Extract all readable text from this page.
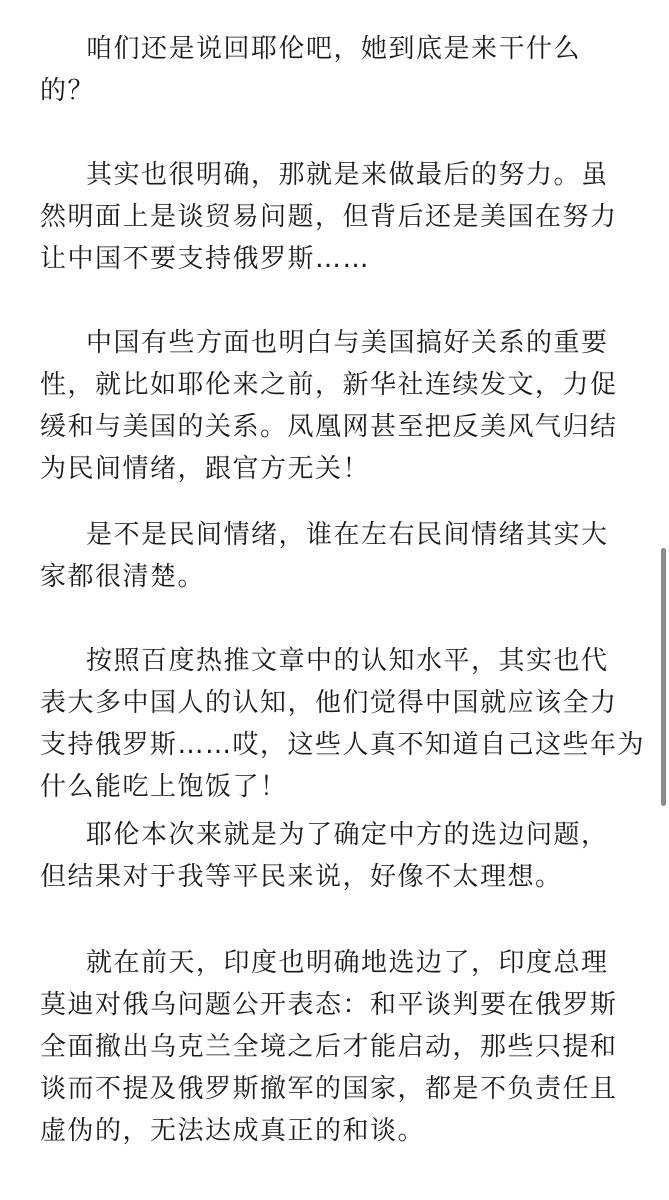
咱们还是说回耶伦吧，她到底是来干什么
的？

其实也很明确，那就是来做最后的努力。虽
然明面上是谈贸易问题，但背后还是美国在努力
让中国不要支持俄罗斯……

中国有些方面也明白与美国搞好关系的重要
性，就比如耶伦来之前，新华社连续发文，力促
缓和与美国的关系。凤凰网甚至把反美风气归结
为民间情绪，跟官方无关！

是不是民间情绪，谁在左右民间情绪其实大
家都很清楚。

按照百度热推文章中的认知水平，其实也代
表大多中国人的认知，他们觉得中国就应该全力
支持俄罗斯……哎，这些人真不知道自己这些年为
什么能吃上饱饭了！

耶伦本次来就是为了确定中方的选边问题，
但结果对于我等平民来说，好像不太理想。

就在前天，印度也明确地选边了，印度总理
莫迪对俄乌问题公开表态：和平谈判要在俄罗斯
全面撤出乌克兰全境之后才能启动，那些只提和
谈而不提及俄罗斯撤军的国家，都是不负责任且
虚伪的，无法达成真正的和谈。
